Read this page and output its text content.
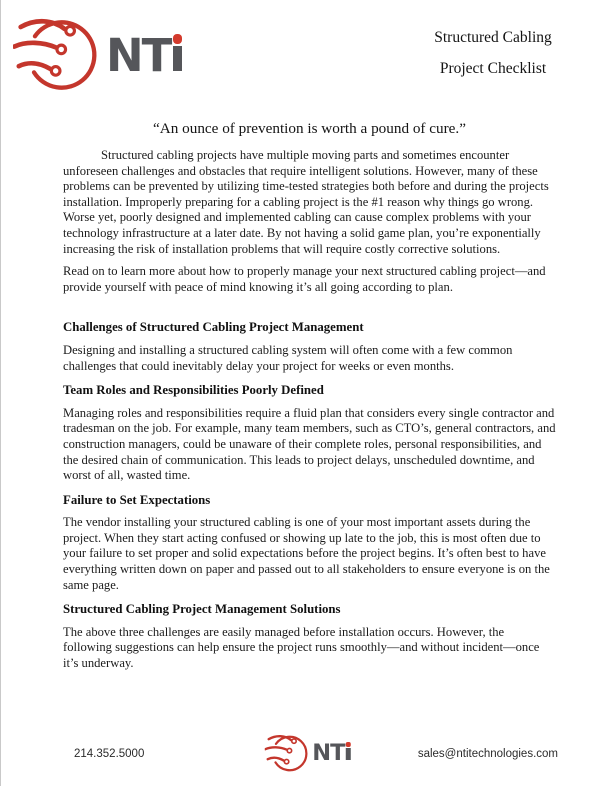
NT	Structured Cabling
Project Checklist
“An ounce of prevention is worth a pound of cure.”

Structured cabling projects have multiple moving parts and sometimes encounter unforeseen challenges and obstacles that require intelligent solutions. However, many of these problems can be prevented by utilizing time-tested strategies both before and during the projects installation. Improperly preparing for a cabling project is the #1 reason why things go wrong. Worse yet, poorly designed and implemented cabling can cause complex problems with your technology infrastructure at a later date. By not having a solid game plan, you’re exponentially increasing the risk of installation problems that will require costly corrective solutions.

Read on to learn more about how to properly manage your next structured cabling project—and provide yourself with peace of mind knowing it’s all going according to plan.

Challenges of Structured Cabling Project Management

Designing and installing a structured cabling system will often come with a few common challenges that could inevitably delay your project for weeks or even months.

Team Roles and Responsibilities Poorly Defined

Managing roles and responsibilities require a fluid plan that considers every single contractor and tradesman on the job. For example, many team members, such as CTO’s, general contractors, and construction managers, could be unaware of their complete roles, personal responsibilities, and the desired chain of communication. This leads to project delays, unscheduled downtime, and worst of all, wasted time.

Failure to Set Expectations

The vendor installing your structured cabling is one of your most important assets during the project. When they start acting confused or showing up late to the job, this is most often due to your failure to set proper and solid expectations before the project begins. It’s often best to have everything written down on paper and passed out to all stakeholders to ensure everyone is on the same page.

Structured Cabling Project Management Solutions

The above three challenges are easily managed before installation occurs. However, the following suggestions can help ensure the project runs smoothly—and without incident—once it’s underway.

214.352.5000	NT	sales@ntitechnologies.com
